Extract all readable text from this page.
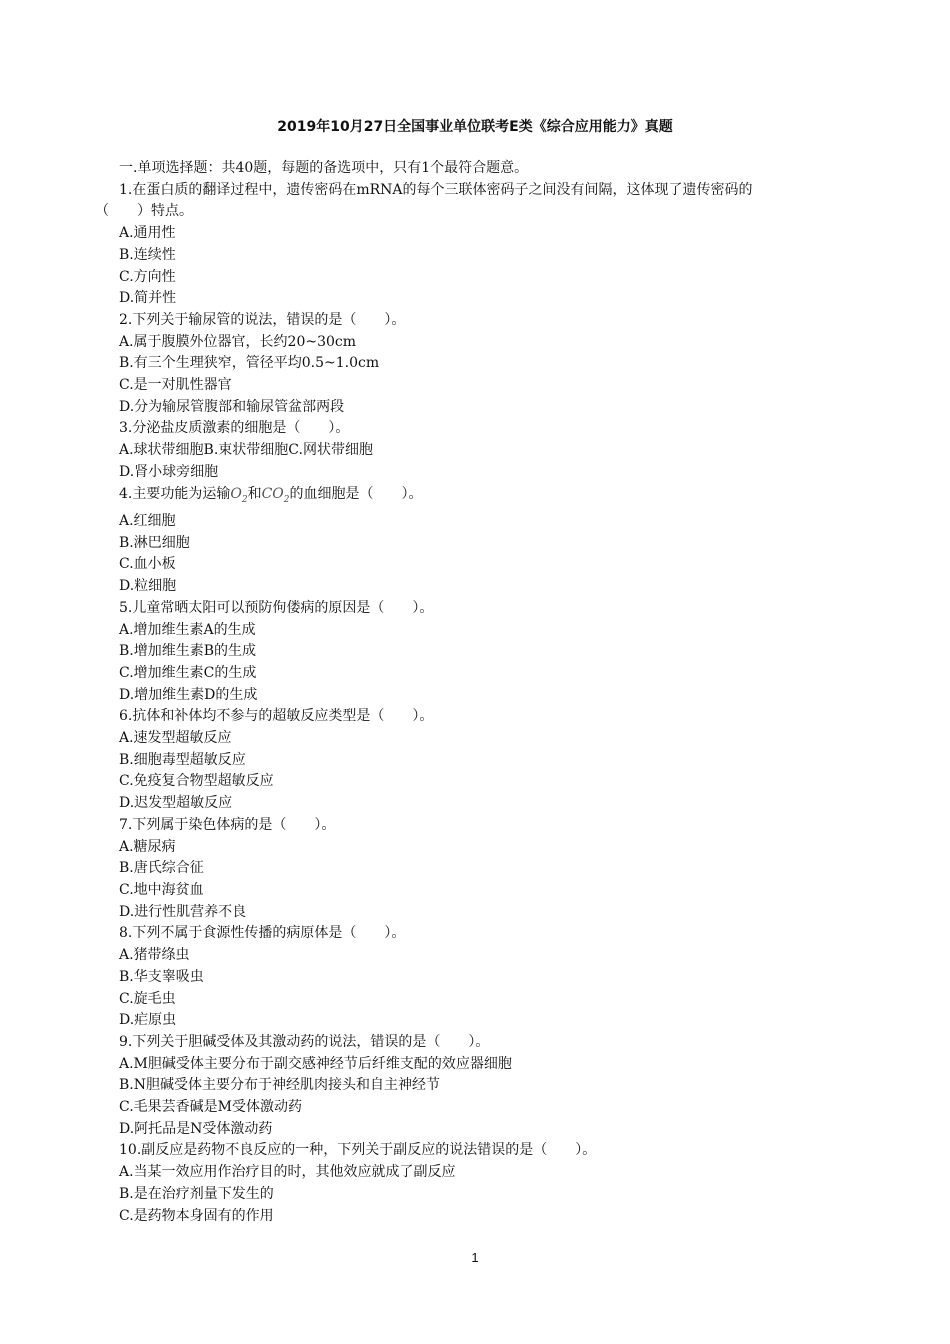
2019年10月27日全国事业单位联考E类《综合应用能力》真题
一.单项选择题：共40题，每题的备选项中，只有1个最符合题意。
1.在蛋白质的翻译过程中，遗传密码在mRNA的每个三联体密码子之间没有间隔，这体现了遗传密码的
（　　）特点。
A.通用性
B.连续性
C.方向性
D.简并性
2.下列关于输尿管的说法，错误的是（　　）。
A.属于腹膜外位器官，长约20~30cm
B.有三个生理狭窄，管径平均0.5~1.0cm
C.是一对肌性器官
D.分为输尿管腹部和输尿管盆部两段
3.分泌盐皮质激素的细胞是（　　）。
A.球状带细胞B.束状带细胞C.网状带细胞
D.肾小球旁细胞
4.主要功能为运输$O_2$和$CO_2$的血细胞是（　　）。
A.红细胞
B.淋巴细胞
C.血小板
D.粒细胞
5.儿童常晒太阳可以预防佝偻病的原因是（　　）。
A.增加维生素A的生成
B.增加维生素B的生成
C.增加维生素C的生成
D.增加维生素D的生成
6.抗体和补体均不参与的超敏反应类型是（　　）。
A.速发型超敏反应
B.细胞毒型超敏反应
C.免疫复合物型超敏反应
D.迟发型超敏反应
7.下列属于染色体病的是（　　）。
A.糖尿病
B.唐氏综合征
C.地中海贫血
D.进行性肌营养不良
8.下列不属于食源性传播的病原体是（　　）。
A.猪带绦虫
B.华支睾吸虫
C.旋毛虫
D.疟原虫
9.下列关于胆碱受体及其激动药的说法，错误的是（　　）。
A.M胆碱受体主要分布于副交感神经节后纤维支配的效应器细胞
B.N胆碱受体主要分布于神经肌肉接头和自主神经节
C.毛果芸香碱是M受体激动药
D.阿托品是N受体激动药
10.副反应是药物不良反应的一种，下列关于副反应的说法错误的是（　　）。
A.当某一效应用作治疗目的时，其他效应就成了副反应
B.是在治疗剂量下发生的
C.是药物本身固有的作用
1
